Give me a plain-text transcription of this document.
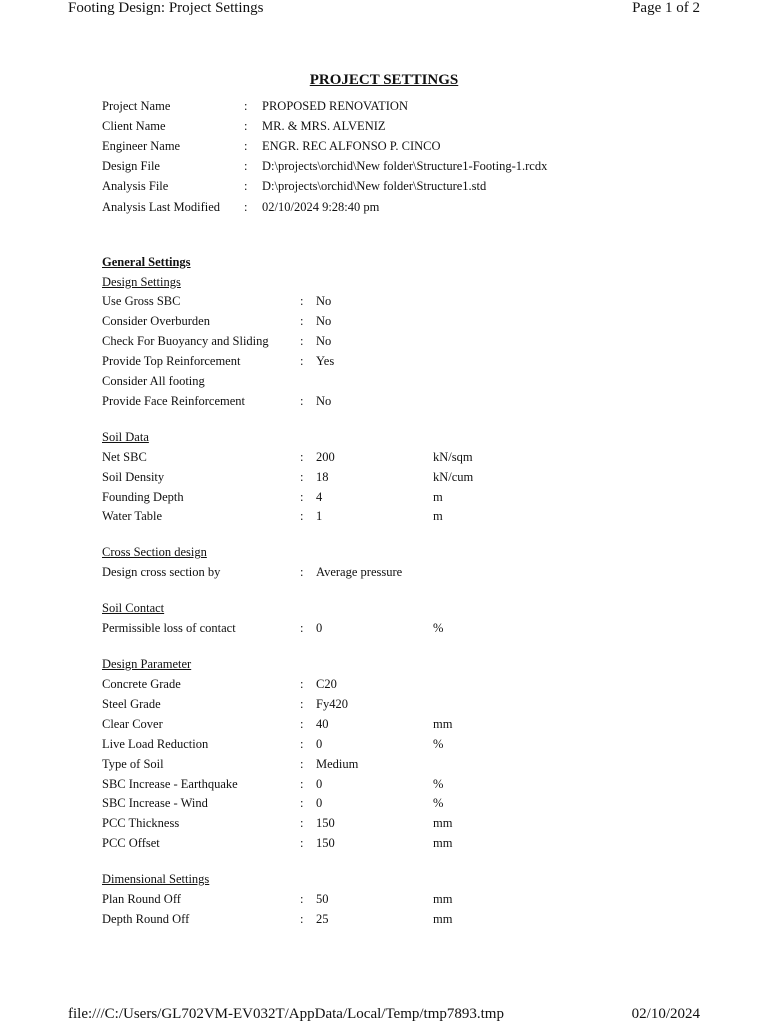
Footing Design: Project Settings	Page 1 of 2
PROJECT SETTINGS
Project Name	:	PROPOSED RENOVATION
Client Name	:	MR. & MRS. ALVENIZ
Engineer Name	:	ENGR. REC ALFONSO P. CINCO
Design File	:	D:\projects\orchid\New folder\Structure1-Footing-1.rcdx
Analysis File	:	D:\projects\orchid\New folder\Structure1.std
Analysis Last Modified	:	02/10/2024 9:28:40 pm
General Settings
Design Settings
Use Gross SBC	:	No
Consider Overburden	:	No
Check For Buoyancy and Sliding	:	No
Provide Top Reinforcement	:	Yes
Consider All footing
Provide Face Reinforcement	:	No
Soil Data
Net SBC	:	200	kN/sqm
Soil Density	:	18	kN/cum
Founding Depth	:	4	m
Water Table	:	1	m
Cross Section design
Design cross section by	:	Average pressure
Soil Contact
Permissible loss of contact	:	0	%
Design Parameter
Concrete Grade	:	C20
Steel Grade	:	Fy420
Clear Cover	:	40	mm
Live Load Reduction	:	0	%
Type of Soil	:	Medium
SBC Increase - Earthquake	:	0	%
SBC Increase - Wind	:	0	%
PCC Thickness	:	150	mm
PCC Offset	:	150	mm
Dimensional Settings
Plan Round Off	:	50	mm
Depth Round Off	:	25	mm
file:///C:/Users/GL702VM-EV032T/AppData/Local/Temp/tmp7893.tmp	02/10/2024
